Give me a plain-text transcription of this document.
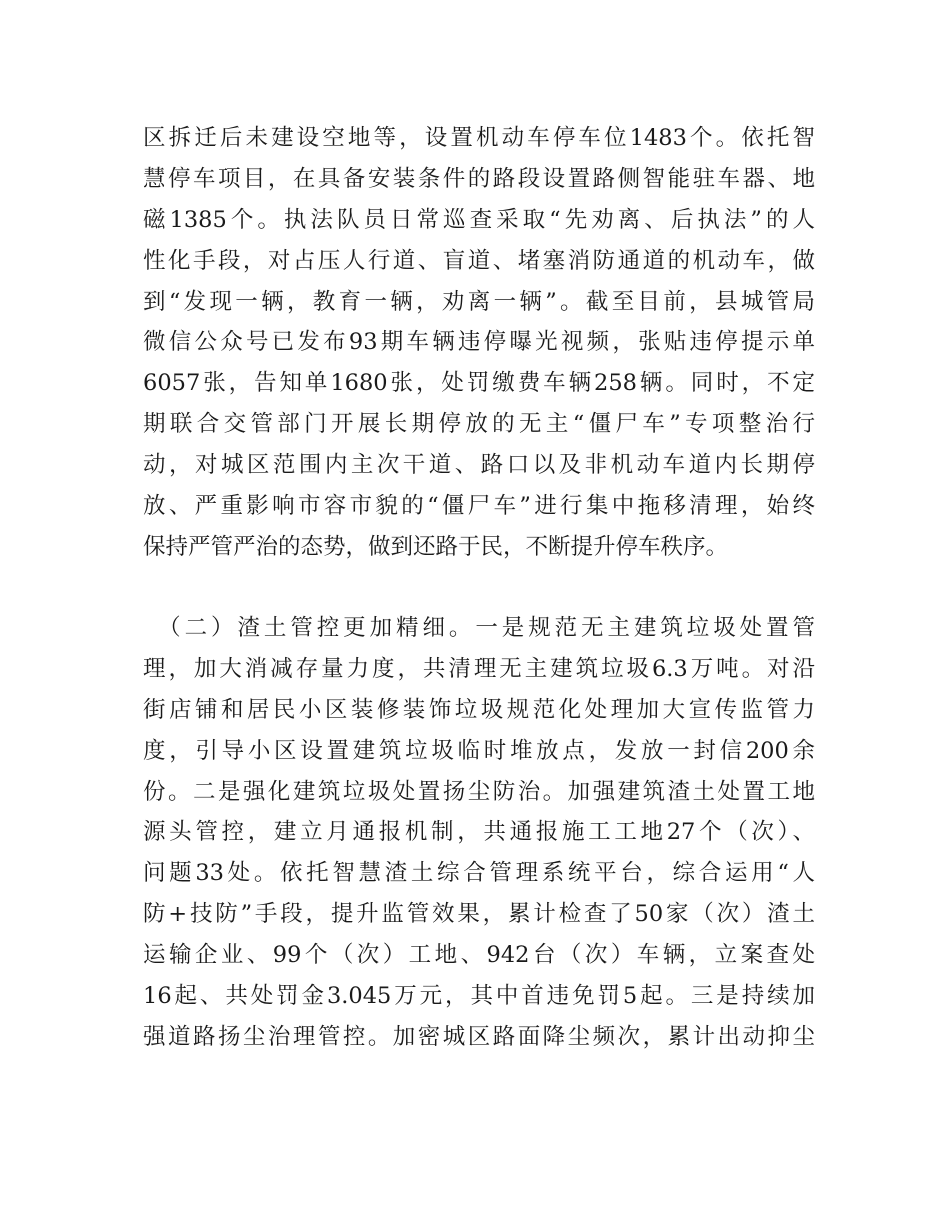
区拆迁后未建设空地等，设置机动车停车位1483个。依托智
慧停车项目，在具备安装条件的路段设置路侧智能驻车器、地
磁1385个。执法队员日常巡查采取“先劝离、后执法”的人
性化手段，对占压人行道、盲道、堵塞消防通道的机动车，做
到“发现一辆，教育一辆，劝离一辆”。截至目前，县城管局
微信公众号已发布93期车辆违停曝光视频，张贴违停提示单
6057张，告知单1680张，处罚缴费车辆258辆。同时，不定
期联合交管部门开展长期停放的无主“僵尸车”专项整治行
动，对城区范围内主次干道、路口以及非机动车道内长期停
放、严重影响市容市貌的“僵尸车”进行集中拖移清理，始终
保持严管严治的态势，做到还路于民，不断提升停车秩序。
　（二）渣土管控更加精细。一是规范无主建筑垃圾处置管
理，加大消减存量力度，共清理无主建筑垃圾6.3万吨。对沿
街店铺和居民小区装修装饰垃圾规范化处理加大宣传监管力
度，引导小区设置建筑垃圾临时堆放点，发放一封信200余
份。二是强化建筑垃圾处置扬尘防治。加强建筑渣土处置工地
源头管控，建立月通报机制，共通报施工工地27个（次）、
问题33处。依托智慧渣土综合管理系统平台，综合运用“人
防+技防”手段，提升监管效果，累计检查了50家（次）渣土
运输企业、99个（次）工地、942台（次）车辆，立案查处
16起、共处罚金3.045万元，其中首违免罚5起。三是持续加
强道路扬尘治理管控。加密城区路面降尘频次，累计出动抑尘
